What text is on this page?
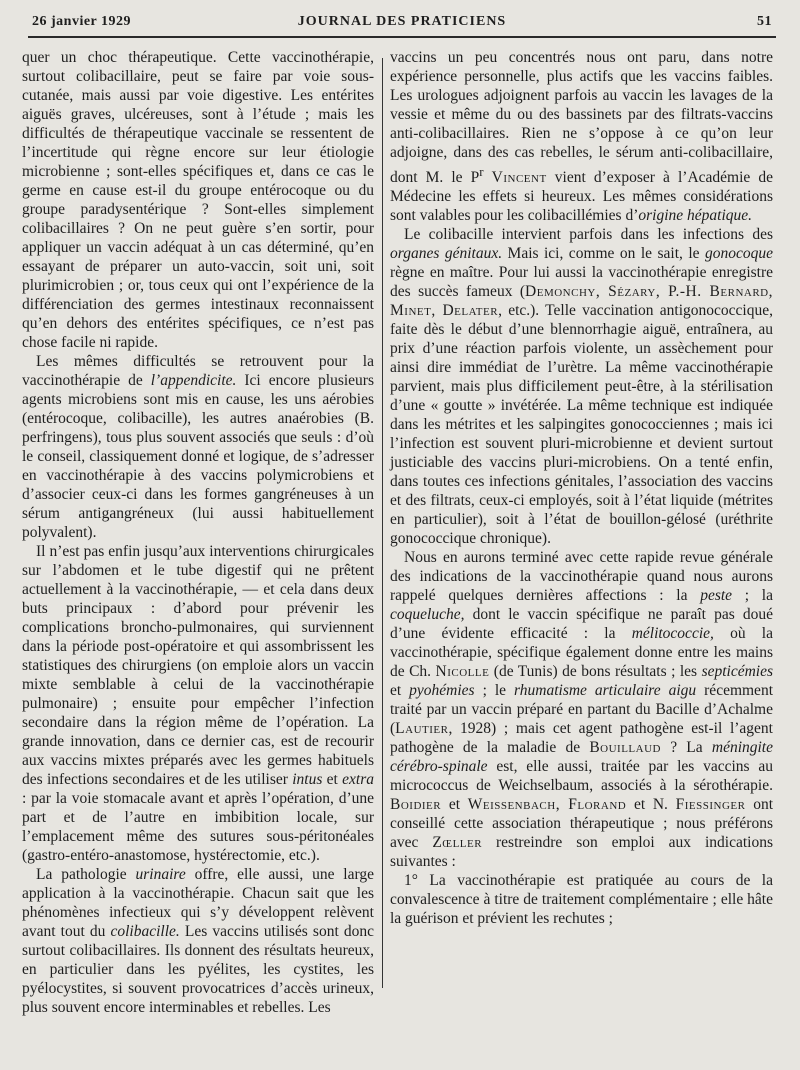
26 janvier 1929	JOURNAL DES PRATICIENS	51

quer un choc thérapeutique. Cette vaccinothérapie, surtout colibacillaire, peut se faire par voie sous-cutanée, mais aussi par voie digestive. Les entérites aiguës graves, ulcéreuses, sont à l’étude ; mais les difficultés de thérapeutique vaccinale se ressentent de l’incertitude qui règne encore sur leur étiologie microbienne ; sont-elles spécifiques et, dans ce cas le germe en cause est-il du groupe entérocoque ou du groupe paradysentérique ? Sont-elles simplement colibacillaires ? On ne peut guère s’en sortir, pour appliquer un vaccin adéquat à un cas déterminé, qu’en essayant de préparer un auto-vaccin, soit uni, soit plurimicrobien ; or, tous ceux qui ont l’expérience de la différenciation des germes intestinaux reconnaissent qu’en dehors des entérites spécifiques, ce n’est pas chose facile ni rapide.

Les mêmes difficultés se retrouvent pour la vaccinothérapie de l’appendicite. Ici encore plusieurs agents microbiens sont mis en cause, les uns aérobies (entérocoque, colibacille), les autres anaérobies (B. perfringens), tous plus souvent associés que seuls : d’où le conseil, classiquement donné et logique, de s’adresser en vaccinothérapie à des vaccins polymicrobiens et d’associer ceux-ci dans les formes gangréneuses à un sérum antigangréneux (lui aussi habituellement polyvalent).

Il n’est pas enfin jusqu’aux interventions chirurgicales sur l’abdomen et le tube digestif qui ne prêtent actuellement à la vaccinothérapie, — et cela dans deux buts principaux : d’abord pour prévenir les complications broncho-pulmonaires, qui surviennent dans la période post-opératoire et qui assombrissent les statistiques des chirurgiens (on emploie alors un vaccin mixte semblable à celui de la vaccinothérapie pulmonaire) ; ensuite pour empêcher l’infection secondaire dans la région même de l’opération. La grande innovation, dans ce dernier cas, est de recourir aux vaccins mixtes préparés avec les germes habituels des infections secondaires et de les utiliser intus et extra : par la voie stomacale avant et après l’opération, d’une part et de l’autre en imbibition locale, sur l’emplacement même des sutures sous-péritonéales (gastro-entéro-anastomose, hystérectomie, etc.).

La pathologie urinaire offre, elle aussi, une large application à la vaccinothérapie. Chacun sait que les phénomènes infectieux qui s’y développent relèvent avant tout du colibacille. Les vaccins utilisés sont donc surtout colibacillaires. Ils donnent des résultats heureux, en particulier dans les pyélites, les cystites, les pyélocystites, si souvent provocatrices d’accès urineux, plus souvent encore interminables et rebelles. Les

vaccins un peu concentrés nous ont paru, dans notre expérience personnelle, plus actifs que les vaccins faibles. Les urologues adjoignent parfois au vaccin les lavages de la vessie et même du ou des bassinets par des filtrats-vaccins anti-colibacillaires. Rien ne s’oppose à ce qu’on leur adjoigne, dans des cas rebelles, le sérum anti-colibacillaire, dont M. le $P^r$ Vincent vient d’exposer à l’Académie de Médecine les effets si heureux. Les mêmes considérations sont valables pour les colibacillémies d’origine hépatique.

Le colibacille intervient parfois dans les infections des organes génitaux. Mais ici, comme on le sait, le gonocoque règne en maître. Pour lui aussi la vaccinothérapie enregistre des succès fameux (Demonchy, Sézary, P.-H. Bernard, Minet, Delater, etc.). Telle vaccination antigonococcique, faite dès le début d’une blennorrhagie aiguë, entraînera, au prix d’une réaction parfois violente, un assèchement pour ainsi dire immédiat de l’urètre. La même vaccinothérapie parvient, mais plus difficilement peut-être, à la stérilisation d’une « goutte » invétérée. La même technique est indiquée dans les métrites et les salpingites gonococciennes ; mais ici l’infection est souvent pluri-microbienne et devient surtout justiciable des vaccins pluri-microbiens. On a tenté enfin, dans toutes ces infections génitales, l’association des vaccins et des filtrats, ceux-ci employés, soit à l’état liquide (métrites en particulier), soit à l’état de bouillon-gélosé (uréthrite gonococcique chronique).

Nous en aurons terminé avec cette rapide revue générale des indications de la vaccinothérapie quand nous aurons rappelé quelques dernières affections : la peste ; la coqueluche, dont le vaccin spécifique ne paraît pas doué d’une évidente efficacité : la mélitococcie, où la vaccinothérapie, spécifique également donne entre les mains de Ch. Nicolle (de Tunis) de bons résultats ; les septicémies et pyohémies ; le rhumatisme articulaire aigu récemment traité par un vaccin préparé en partant du Bacille d’Achalme (Lautier, 1928) ; mais cet agent pathogène est-il l’agent pathogène de la maladie de Bouillaud ? La méningite cérébro-spinale est, elle aussi, traitée par les vaccins au micrococcus de Weichselbaum, associés à la sérothérapie. Boidier et Weissenbach, Florand et N. Fiessinger ont conseillé cette association thérapeutique ; nous préférons avec Zœller restreindre son emploi aux indications suivantes :

1° La vaccinothérapie est pratiquée au cours de la convalescence à titre de traitement complémentaire ; elle hâte la guérison et prévient les rechutes ;
